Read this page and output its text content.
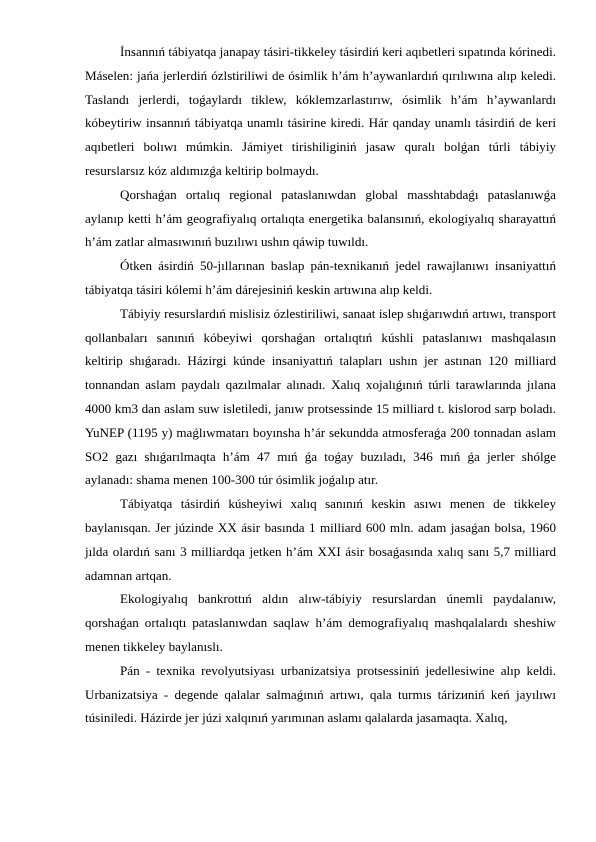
İnsannıń tábiyatqa janapay tásiri-tikkeley tásirdiń keri aqıbetleri sıpatında kórinedi. Máselen: jańa jerlerdiń ózlstiriliwi de ósimlik h’ám h’aywanlardıń qırılıwına alıp keledi. Taslandı jerlerdi, toǵaylardı tiklew, kóklemzarlastırıw, ósimlik h’ám h’aywanlardı kóbeytiriw insannıń tábiyatqa unamlı tásirine kiredi. Hár qanday unamlı tásirdiń de keri aqıbetleri bolıwı múmkin. Jámiyet tirishiliginiń jasaw quralı bolǵan túrli tábiyiy resurslarsız kóz aldımızǵa keltirip bolmaydı.

Qorshaǵan ortalıq regional pataslanıwdan global masshtabdaǵı pataslanıwǵa aylanıp ketti h’ám geografiyalıq ortalıqta energetika balansınıń, ekologiyalıq sharayattıń h’ám zatlar almasıwınıń buzılıwı ushın qáwip tuwıldı.

Ótken ásirdiń 50-jıllarınan baslap pán-texnikanıń jedel rawajlanıwı insaniyattıń tábiyatqa tásiri kólemi h’ám dárejesiniń keskin artıwına alıp keldi.

Tábiyiy resurslardıń mislisiz ózlestiriliwi, sanaat islep shıǵarıwdıń artıwı, transport qollanbaları sanınıń kóbeyiwi qorshaǵan ortalıqtıń kúshli pataslanıwı mashqalasın keltirip shıǵaradı. Házirgi kúnde insaniyattıń talapları ushın jer astınan 120 milliard tonnandan aslam paydalı qazılmalar alınadı. Xalıq xojalıǵınıń túrli tarawlarında jılana 4000 km3 dan aslam suw isletiledi, janıw protsessinde 15 milliard t. kislorod sarp boladı. YuNEP (1195 y) maǵlıwmatarı boyınsha h’ár sekundda atmosferaǵa 200 tonnadan aslam SO2 gazı shıǵarılmaqta h’ám 47 mıń ǵa toǵay buzıladı, 346 mıń ǵa jerler shólge aylanadı: shama menen 100-300 túr ósimlik joǵalıp atır.

Tábiyatqa tásirdiń kúsheyiwi xalıq sanınıń keskin asıwı menen de tikkeley baylanısqan. Jer júzinde XX ásir basında 1 milliard 600 mln. adam jasaǵan bolsa, 1960 jılda olardıń sanı 3 milliardqa jetken h’ám XXI ásir bosaǵasında xalıq sanı 5,7 milliard adamnan artqan.

Ekologiyalıq bankrottıń aldın alıw-tábiyiy resurslardan únemli paydalanıw, qorshaǵan ortalıqtı pataslanıwdan saqlaw h’ám demografiyalıq mashqalalardı sheshiw menen tikkeley baylanıslı.

Pán - texnika revolyutsiyası urbanizatsiya protsessiniń jedellesiwine alıp keldi. Urbanizatsiya - degende qalalar salmaǵınıń artıwı, qala turmıs tárizиniń keń jayılıwı túsiniledi. Házirde jer júzi xalqınıń yarımınan aslamı qalalarda jasamaqta. Xalıq,
